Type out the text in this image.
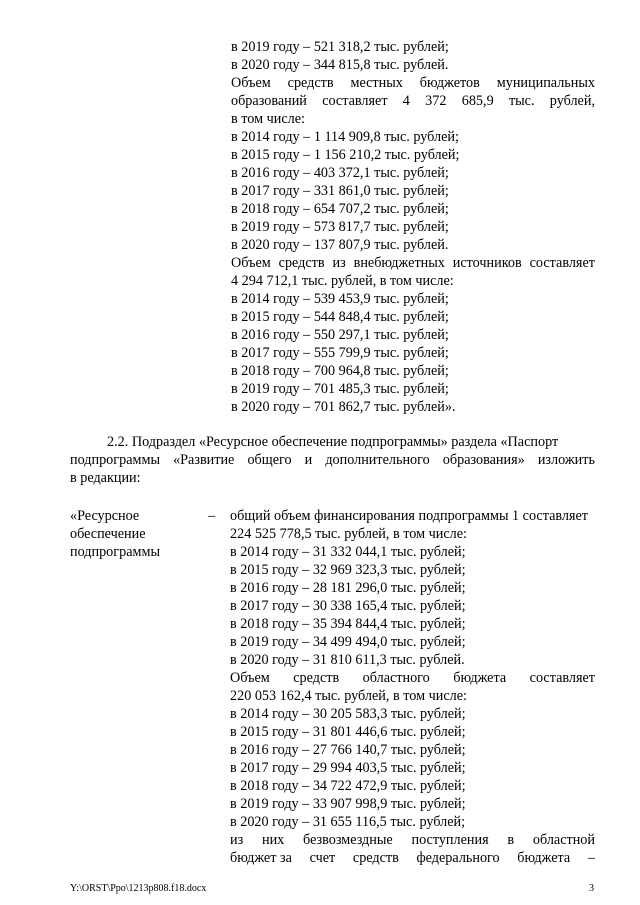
в 2019 году – 521 318,2 тыс. рублей;
в 2020 году – 344 815,8 тыс. рублей.
Объем средств местных бюджетов муниципальных
образований составляет 4 372 685,9 тыс. рублей,
в том числе:
в 2014 году – 1 114 909,8 тыс. рублей;
в 2015 году – 1 156 210,2 тыс. рублей;
в 2016 году – 403 372,1 тыс. рублей;
в 2017 году – 331 861,0 тыс. рублей;
в 2018 году – 654 707,2 тыс. рублей;
в 2019 году – 573 817,7 тыс. рублей;
в 2020 году – 137 807,9 тыс. рублей.
Объем средств из внебюджетных источников составляет
4 294 712,1 тыс. рублей, в том числе:
в 2014 году – 539 453,9 тыс. рублей;
в 2015 году – 544 848,4 тыс. рублей;
в 2016 году – 550 297,1 тыс. рублей;
в 2017 году – 555 799,9 тыс. рублей;
в 2018 году – 700 964,8 тыс. рублей;
в 2019 году – 701 485,3 тыс. рублей;
в 2020 году – 701 862,7 тыс. рублей».
2.2. Подраздел «Ресурсное обеспечение подпрограммы» раздела «Паспорт
подпрограммы «Развитие общего и дополнительного образования» изложить
в редакции:
«Ресурсное
обеспечение
подпрограммы
– общий объем финансирования подпрограммы 1 составляет
224 525 778,5 тыс. рублей, в том числе:
в 2014 году – 31 332 044,1 тыс. рублей;
в 2015 году – 32 969 323,3 тыс. рублей;
в 2016 году – 28 181 296,0 тыс. рублей;
в 2017 году – 30 338 165,4 тыс. рублей;
в 2018 году – 35 394 844,4 тыс. рублей;
в 2019 году – 34 499 494,0 тыс. рублей;
в 2020 году – 31 810 611,3 тыс. рублей.
Объем средств областного бюджета составляет
220 053 162,4 тыс. рублей, в том числе:
в 2014 году – 30 205 583,3 тыс. рублей;
в 2015 году – 31 801 446,6 тыс. рублей;
в 2016 году – 27 766 140,7 тыс. рублей;
в 2017 году – 29 994 403,5 тыс. рублей;
в 2018 году – 34 722 472,9 тыс. рублей;
в 2019 году – 33 907 998,9 тыс. рублей;
в 2020 году – 31 655 116,5 тыс. рублей;
из них безвозмездные поступления в областной
бюджет за счет средств федерального бюджета –
Y:\ORST\Ppo\1213p808.f18.docx	3
